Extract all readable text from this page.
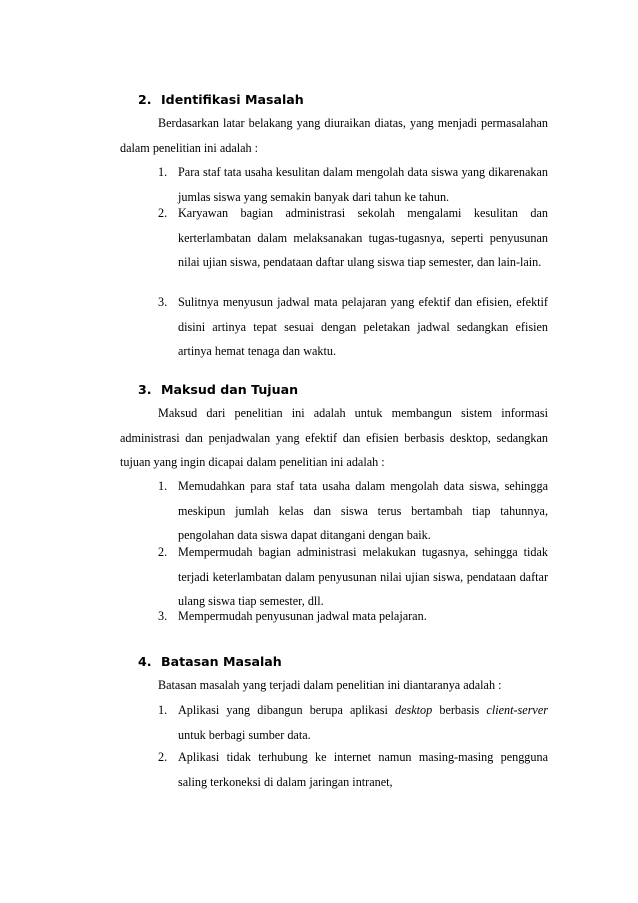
2. Identifikasi Masalah

Berdasarkan latar belakang yang diuraikan diatas, yang menjadi permasalahan dalam penelitian ini adalah :

1. Para staf tata usaha kesulitan dalam mengolah data siswa yang dikarenakan jumlas siswa yang semakin banyak dari tahun ke tahun.
2. Karyawan bagian administrasi sekolah mengalami kesulitan dan kerterlambatan dalam melaksanakan tugas-tugasnya, seperti penyusunan nilai ujian siswa, pendataan daftar ulang siswa tiap semester, dan lain-lain.
3. Sulitnya menyusun jadwal mata pelajaran yang efektif dan efisien, efektif disini artinya tepat sesuai dengan peletakan jadwal sedangkan efisien artinya hemat tenaga dan waktu.
3. Maksud dan Tujuan

Maksud dari penelitian ini adalah untuk membangun sistem informasi administrasi dan penjadwalan yang efektif dan efisien berbasis desktop, sedangkan tujuan yang ingin dicapai dalam penelitian ini adalah :

1. Memudahkan para staf tata usaha dalam mengolah data siswa, sehingga meskipun jumlah kelas dan siswa terus bertambah tiap tahunnya, pengolahan data siswa dapat ditangani dengan baik.
2. Mempermudah bagian administrasi melakukan tugasnya, sehingga tidak terjadi keterlambatan dalam penyusunan nilai ujian siswa, pendataan daftar ulang siswa tiap semester, dll.
3. Mempermudah penyusunan jadwal mata pelajaran.
4. Batasan Masalah

Batasan masalah yang terjadi dalam penelitian ini diantaranya adalah :

1. Aplikasi yang dibangun berupa aplikasi desktop berbasis client-server untuk berbagi sumber data.
2. Aplikasi tidak terhubung ke internet namun masing-masing pengguna saling terkoneksi di dalam jaringan intranet,
